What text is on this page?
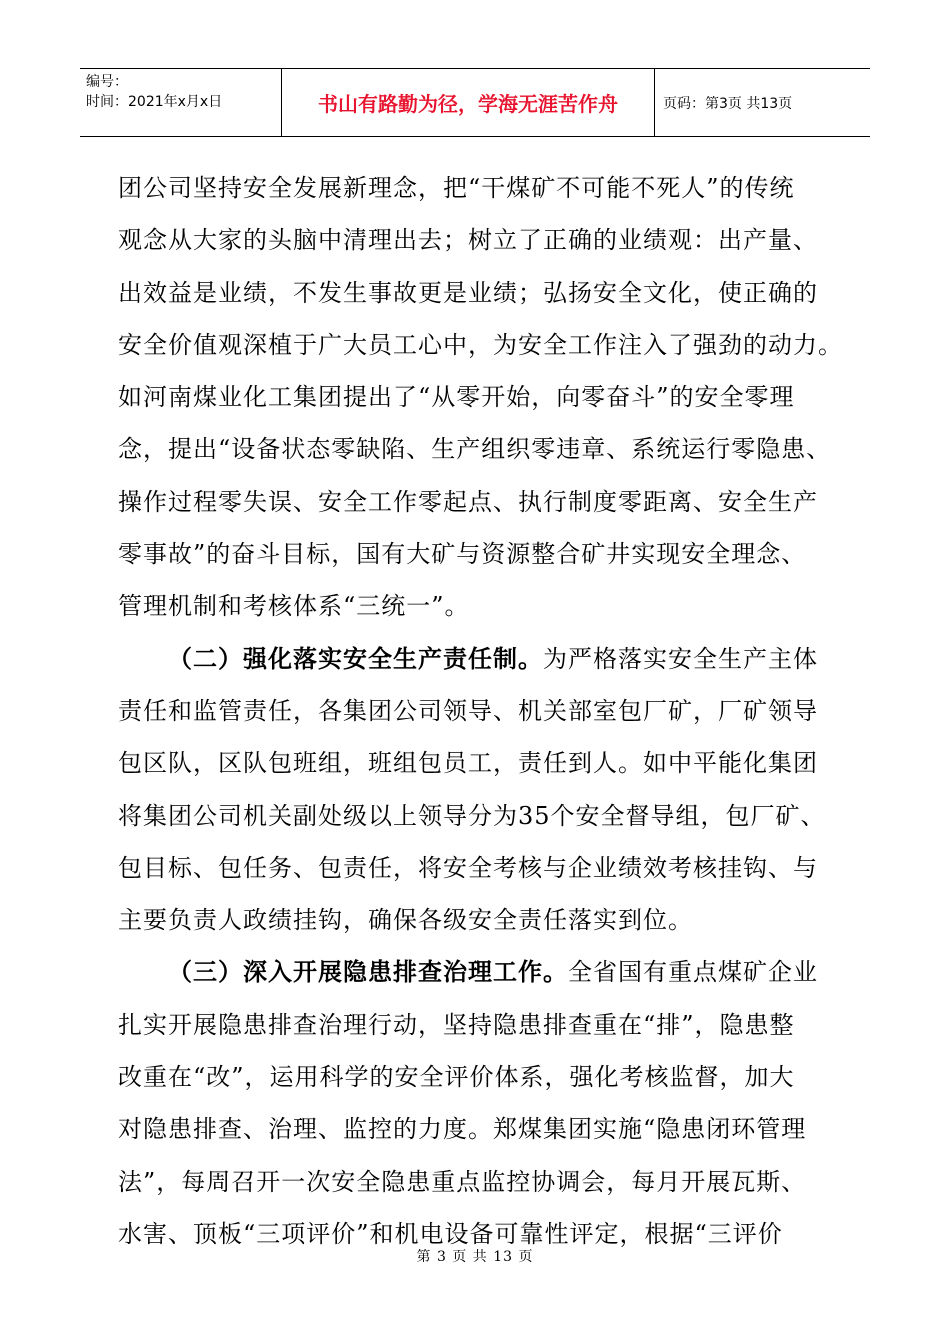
编号：
时间：2021年x月x日	书山有路勤为径，学海无涯苦作舟	页码：第3页 共13页
团公司坚持安全发展新理念，把“干煤矿不可能不死人”的传统
观念从大家的头脑中清理出去；树立了正确的业绩观：出产量、
出效益是业绩，不发生事故更是业绩；弘扬安全文化，使正确的
安全价值观深植于广大员工心中，为安全工作注入了强劲的动力。
如河南煤业化工集团提出了“从零开始，向零奋斗”的安全零理
念，提出“设备状态零缺陷、生产组织零违章、系统运行零隐患、
操作过程零失误、安全工作零起点、执行制度零距离、安全生产
零事故”的奋斗目标，国有大矿与资源整合矿井实现安全理念、
管理机制和考核体系“三统一”。
（二）强化落实安全生产责任制。为严格落实安全生产主体
责任和监管责任，各集团公司领导、机关部室包厂矿，厂矿领导
包区队，区队包班组，班组包员工，责任到人。如中平能化集团
将集团公司机关副处级以上领导分为35个安全督导组，包厂矿、
包目标、包任务、包责任，将安全考核与企业绩效考核挂钩、与
主要负责人政绩挂钩，确保各级安全责任落实到位。
（三）深入开展隐患排查治理工作。全省国有重点煤矿企业
扎实开展隐患排查治理行动，坚持隐患排查重在“排”，隐患整
改重在“改”，运用科学的安全评价体系，强化考核监督，加大
对隐患排查、治理、监控的力度。郑煤集团实施“隐患闭环管理
法”，每周召开一次安全隐患重点监控协调会，每月开展瓦斯、
水害、顶板“三项评价”和机电设备可靠性评定，根据“三评价
第 3 页 共 13 页
